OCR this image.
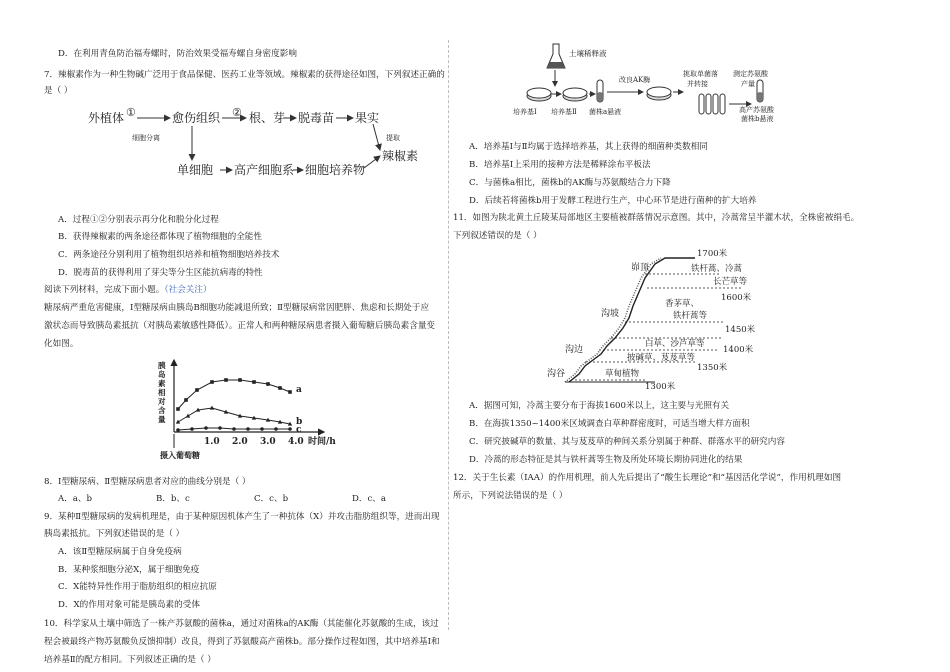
D．在利用青鱼防治福寿螺时，防治效果受福寿螺自身密度影响
7．辣椒素作为一种生物碱广泛用于食品保健、医药工业等领域。辣椒素的获得途径如图，下列叙述正确的
是（ ）
外植体 ①	愈伤组织 ② 根、芽 脱毒苗 果实
细胞分离
单细胞 高产细胞系 细胞培养物
提取
辣椒素
A．过程①②分别表示再分化和脱分化过程
B．获得辣椒素的两条途径都体现了植物细胞的全能性
C．两条途径分别利用了植物组织培养和植物细胞培养技术
D．脱毒苗的获得利用了芽尖等分生区能抗病毒的特性
阅读下列材料，完成下面小题。（社会关注）
糖尿病严重危害健康，Ⅰ型糖尿病由胰岛B细胞功能减退所致；Ⅱ型糖尿病常因肥胖、焦虑和长期处于应
激状态而导致胰岛素抵抗（对胰岛素敏感性降低）。正常人和两种糖尿病患者摄入葡萄糖后胰岛素含量变
化如图。
胰岛素相对含量
1.0 2.0 3.0 4.0 时间/h
摄入葡萄糖
a
b
c
8．Ⅰ型糖尿病、Ⅱ型糖尿病患者对应的曲线分别是（ ）
A．a、b	B．b、c	C．c、b	D．c、a
9．某种Ⅱ型糖尿病的发病机理是，由于某种原因机体产生了一种抗体（X）并攻击脂肪组织等，进而出现
胰岛素抵抗。下列叙述错误的是（ ）
A．该Ⅱ型糖尿病属于自身免疫病
B．某种浆细胞分泌X，属于细胞免疫
C．X能特异性作用于脂肪组织的相应抗原
D．X的作用对象可能是胰岛素的受体
10．科学家从土壤中筛选了一株产苏氨酸的菌株a，通过对菌株a的AK酶（其能催化苏氨酸的生成，该过
程会被最终产物苏氨酸负反馈抑制）改良，得到了苏氨酸高产菌株b。部分操作过程如图，其中培养基Ⅰ和
培养基Ⅱ的配方相同。下列叙述正确的是（ ）
土壤稀释液
培养基Ⅰ 培养基Ⅱ 菌株a悬液
改良AK酶
挑取单菌落
并转接
测定苏氨酸
产量
高产苏氨酸
菌株b悬液
A．培养基Ⅰ与Ⅱ均属于选择培养基，其上获得的细菌种类数相同
B．培养基Ⅰ上采用的接种方法是稀释涂布平板法
C．与菌株a相比，菌株b的AK酶与苏氨酸结合力下降
D．后续若将菌株b用于发酵工程进行生产，中心环节是进行菌种的扩大培养
11．如图为陕北黄土丘陵某局部地区主要植被群落情况示意图。其中，冷蒿常呈半灌木状，全株密被绢毛。
下列叙述错误的是（ ）
1700米
峁顶	铁杆蒿、冷蒿
长芒草等
1600米
香茅草、
铁杆蒿等
沟坡
1450米
白草、沙芦草等
1400米
沟边
披碱草、芨芨草等
1350米
沟谷	草甸植物
1300米
A．据图可知，冷蒿主要分布于海拔1600米以上，这主要与光照有关
B．在海拔1350~1400米区域调查白草种群密度时，可适当增大样方面积
C．研究披碱草的数量、其与芨芨草的种间关系分别属于种群、群落水平的研究内容
D．冷蒿的形态特征是其与铁杆蒿等生物及所处环境长期协同进化的结果
12．关于生长素（IAA）的作用机理，前人先后提出了“酸生长理论”和“基因活化学说”，作用机理如图
所示，下列说法错误的是（ ）
